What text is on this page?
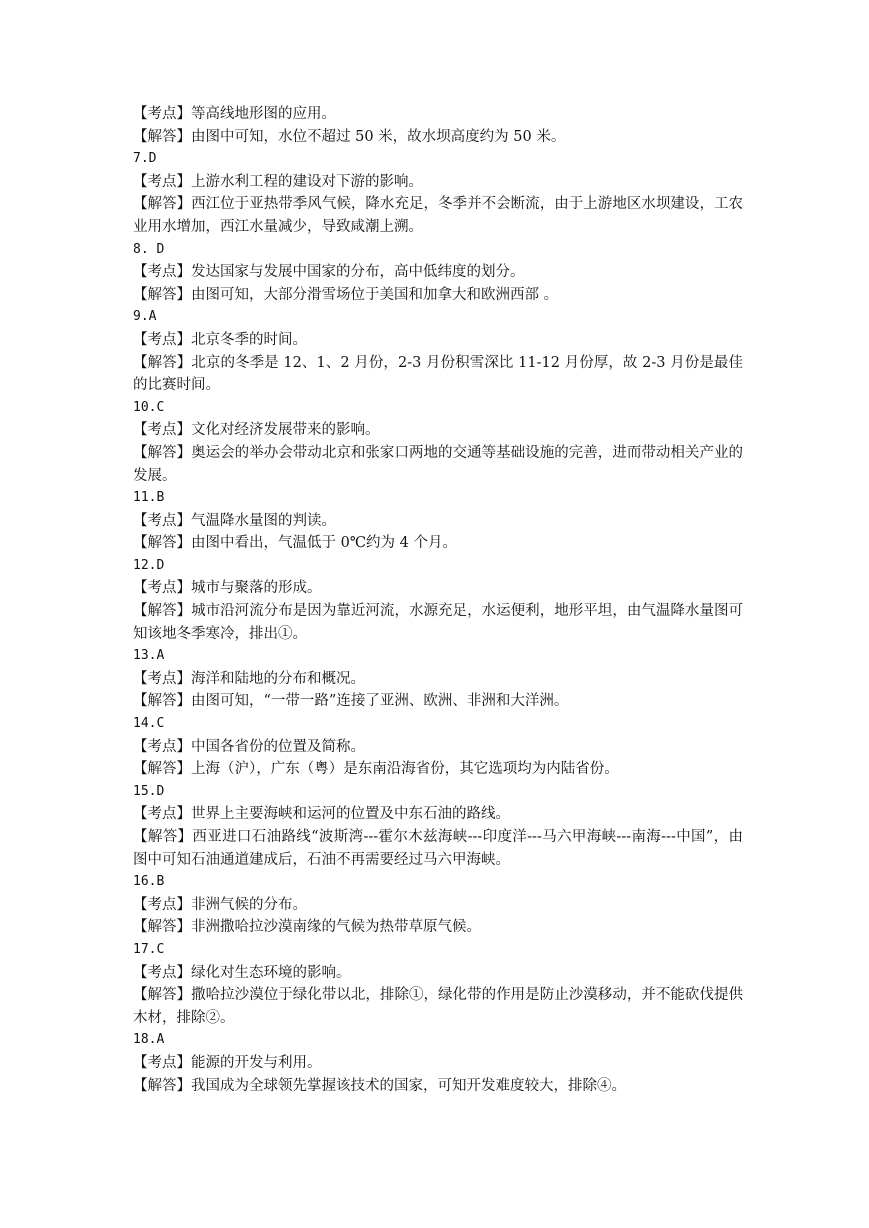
【考点】等高线地形图的应用。
【解答】由图中可知，水位不超过 50 米，故水坝高度约为 50 米。
7.D
【考点】上游水利工程的建设对下游的影响。
【解答】西江位于亚热带季风气候，降水充足，冬季并不会断流，由于上游地区水坝建设，工农业用水增加，西江水量减少，导致咸潮上溯。
8. D
【考点】发达国家与发展中国家的分布，高中低纬度的划分。
【解答】由图可知，大部分滑雪场位于美国和加拿大和欧洲西部 。
9.A
【考点】北京冬季的时间。
【解答】北京的冬季是 12、1、2 月份，2-3 月份积雪深比 11-12 月份厚，故 2-3 月份是最佳的比赛时间。
10.C
【考点】文化对经济发展带来的影响。
【解答】奥运会的举办会带动北京和张家口两地的交通等基础设施的完善，进而带动相关产业的发展。
11.B
【考点】气温降水量图的判读。
【解答】由图中看出，气温低于 0℃约为 4 个月。
12.D
【考点】城市与聚落的形成。
【解答】城市沿河流分布是因为靠近河流，水源充足，水运便利，地形平坦，由气温降水量图可知该地冬季寒冷，排出①。
13.A
【考点】海洋和陆地的分布和概况。
【解答】由图可知，“一带一路”连接了亚洲、欧洲、非洲和大洋洲。
14.C
【考点】中国各省份的位置及简称。
【解答】上海（沪），广东（粤）是东南沿海省份，其它选项均为内陆省份。
15.D
【考点】世界上主要海峡和运河的位置及中东石油的路线。
【解答】西亚进口石油路线“波斯湾---霍尔木兹海峡---印度洋---马六甲海峡---南海---中国”，由图中可知石油通道建成后，石油不再需要经过马六甲海峡。
16.B
【考点】非洲气候的分布。
【解答】非洲撒哈拉沙漠南缘的气候为热带草原气候。
17.C
【考点】绿化对生态环境的影响。
【解答】撒哈拉沙漠位于绿化带以北，排除①，绿化带的作用是防止沙漠移动，并不能砍伐提供木材，排除②。
18.A
【考点】能源的开发与利用。
【解答】我国成为全球领先掌握该技术的国家，可知开发难度较大，排除④。
